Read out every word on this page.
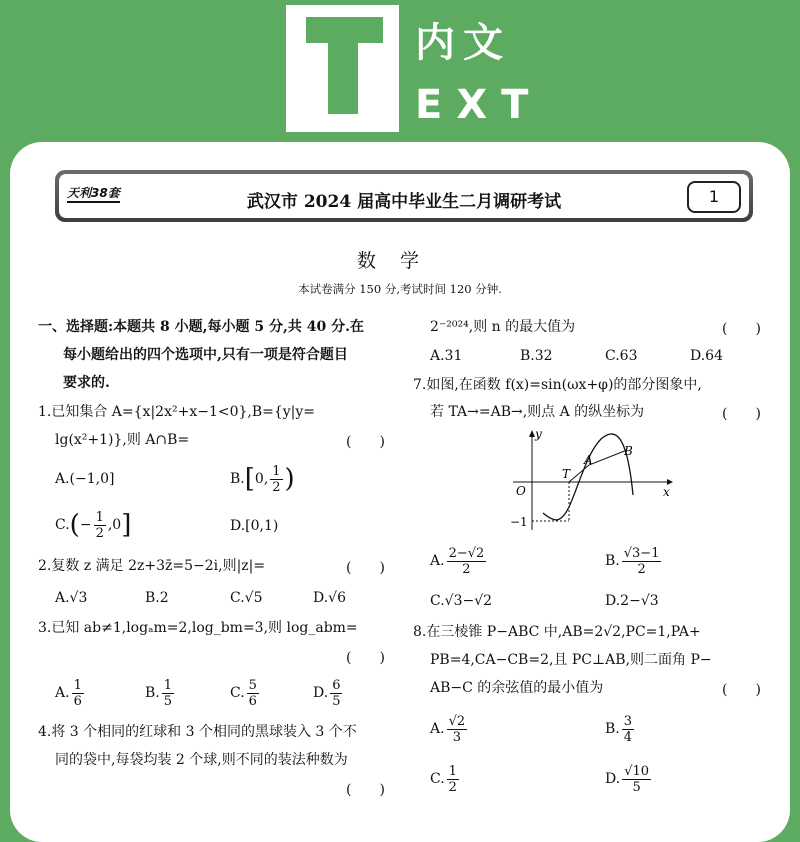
内文
EXT
天利38套	武汉市 2024 届高中毕业生二月调研考试	1
数学
本试卷满分 150 分,考试时间 120 分钟.
一、选择题:本题共 8 小题,每小题 5 分,共 40 分.在
每小题给出的四个选项中,只有一项是符合题目
要求的.
1.已知集合 A={x|2x²+x−1<0},B={y|y=
lg(x²+1)},则 A∩B=	(　　)
A.(−1,0]	B.[0, $\frac{1}{2}$ )
$C.(- \frac{1}{2} ,0]$	D.[0,1)
2.复数 z 满足 2z+3z̄=5−2i,则|z|=	(　　)
A.√3	B.2	C.√5	D.√6
3.已知 ab≠1,logₐm=2,log_bm=3,则 log_abm=
(　　)
A. $\frac{1}{6}$	B. $\frac{1}{5}$	C. $\frac{5}{6}$	D. $\frac{6}{5}$
4.将 3 个相同的红球和 3 个相同的黑球装入 3 个不
同的袋中,每袋均装 2 个球,则不同的装法种数为
(　　)
2⁻²⁰²⁴,则 n 的最大值为	(　　)
A.31	B.32	C.63	D.64
7.如图,在函数 f(x)=sin(ωx+φ)的部分图象中,
若 TA→=AB→,则点 A 的纵坐标为	(　　)
y
x
O
T
A
B
−1
A. $\frac{2-√2}{2}$	B. $\frac{√3-1}{2}$
C.√3−√2	D.2−√3
8.在三棱锥 P−ABC 中,AB=2√2,PC=1,PA+
PB=4,CA−CB=2,且 PC⊥AB,则二面角 P−
AB−C 的余弦值的最小值为	(　　)
A. $\frac{√2}{3}$	B. $\frac{3}{4}$
C. $\frac{1}{2}$	D. $\frac{√10}{5}$
